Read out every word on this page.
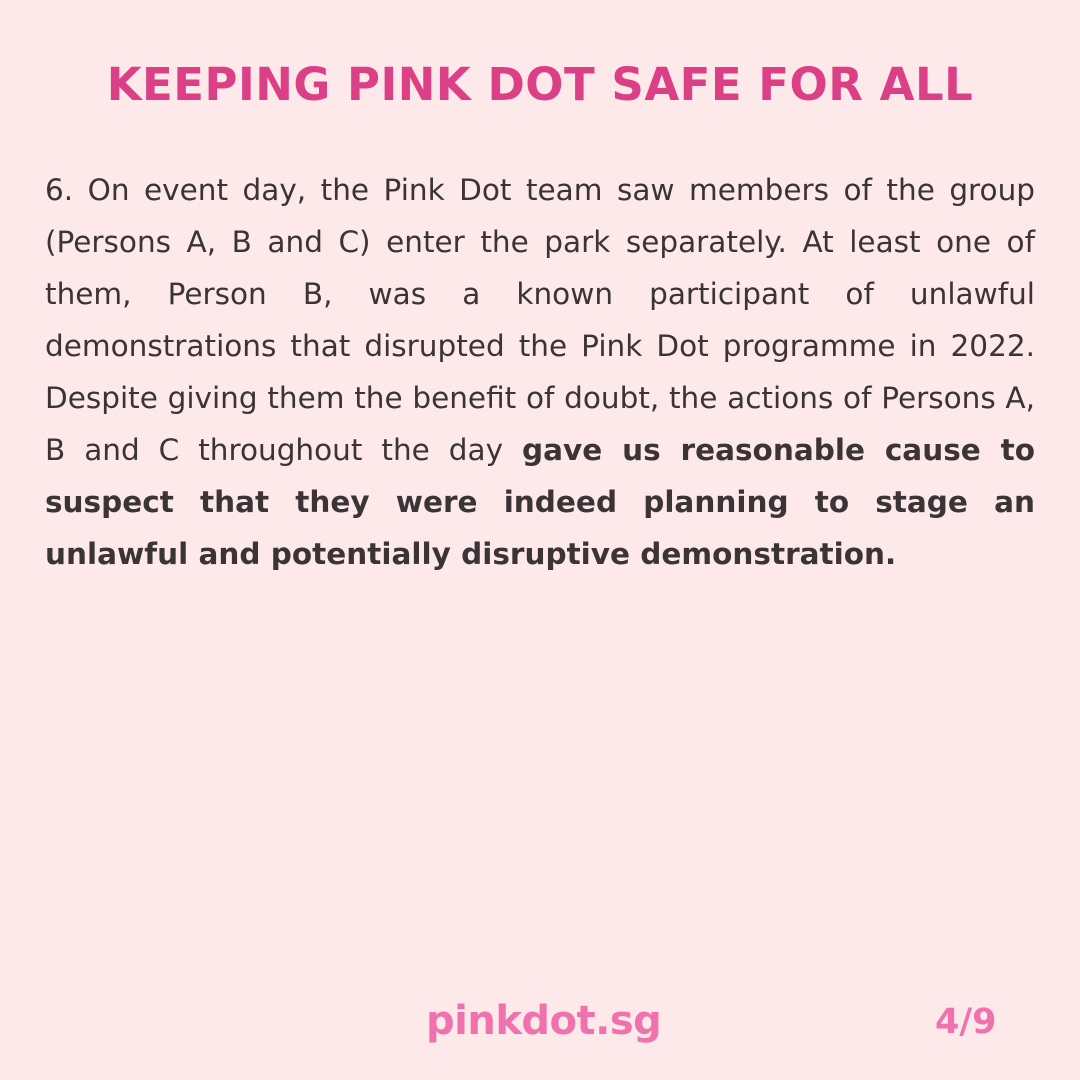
KEEPING PINK DOT SAFE FOR ALL

6. On event day, the Pink Dot team saw members of the group (Persons A, B and C) enter the park separately. At least one of them, Person B, was a known participant of unlawful demonstrations that disrupted the Pink Dot programme in 2022. Despite giving them the benefit of doubt, the actions of Persons A, B and C throughout the day gave us reasonable cause to suspect that they were indeed planning to stage an unlawful and potentially disruptive demonstration.

pinkdot.sg	4/9
